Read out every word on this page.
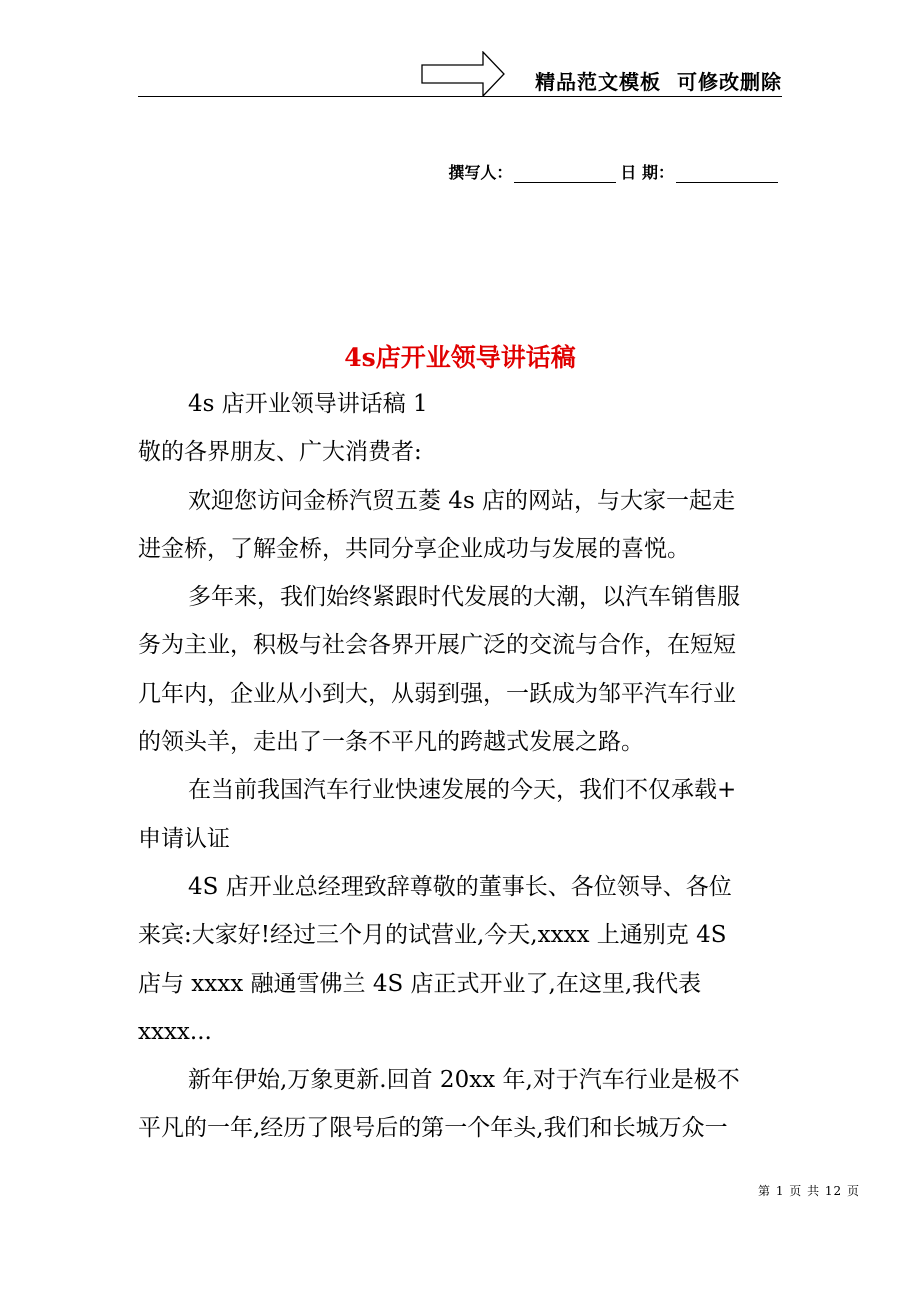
精品范文模板  可修改删除
撰写人：	日 期：
4s店开业领导讲话稿
4s 店开业领导讲话稿 1
敬的各界朋友、广大消费者:
欢迎您访问金桥汽贸五菱 4s 店的网站，与大家一起走
进金桥，了解金桥，共同分享企业成功与发展的喜悦。
多年来，我们始终紧跟时代发展的大潮，以汽车销售服
务为主业，积极与社会各界开展广泛的交流与合作，在短短
几年内，企业从小到大，从弱到强，一跃成为邹平汽车行业
的领头羊，走出了一条不平凡的跨越式发展之路。
在当前我国汽车行业快速发展的今天，我们不仅承载+
申请认证
4S 店开业总经理致辞尊敬的董事长、各位领导、各位
来宾:大家好!经过三个月的试营业,今天,xxxx 上通别克 4S
店与 xxxx 融通雪佛兰 4S 店正式开业了,在这里,我代表
xxxx...
新年伊始,万象更新.回首 20xx 年,对于汽车行业是极不
平凡的一年,经历了限号后的第一个年头,我们和长城万众一
第 1 页 共 12 页
